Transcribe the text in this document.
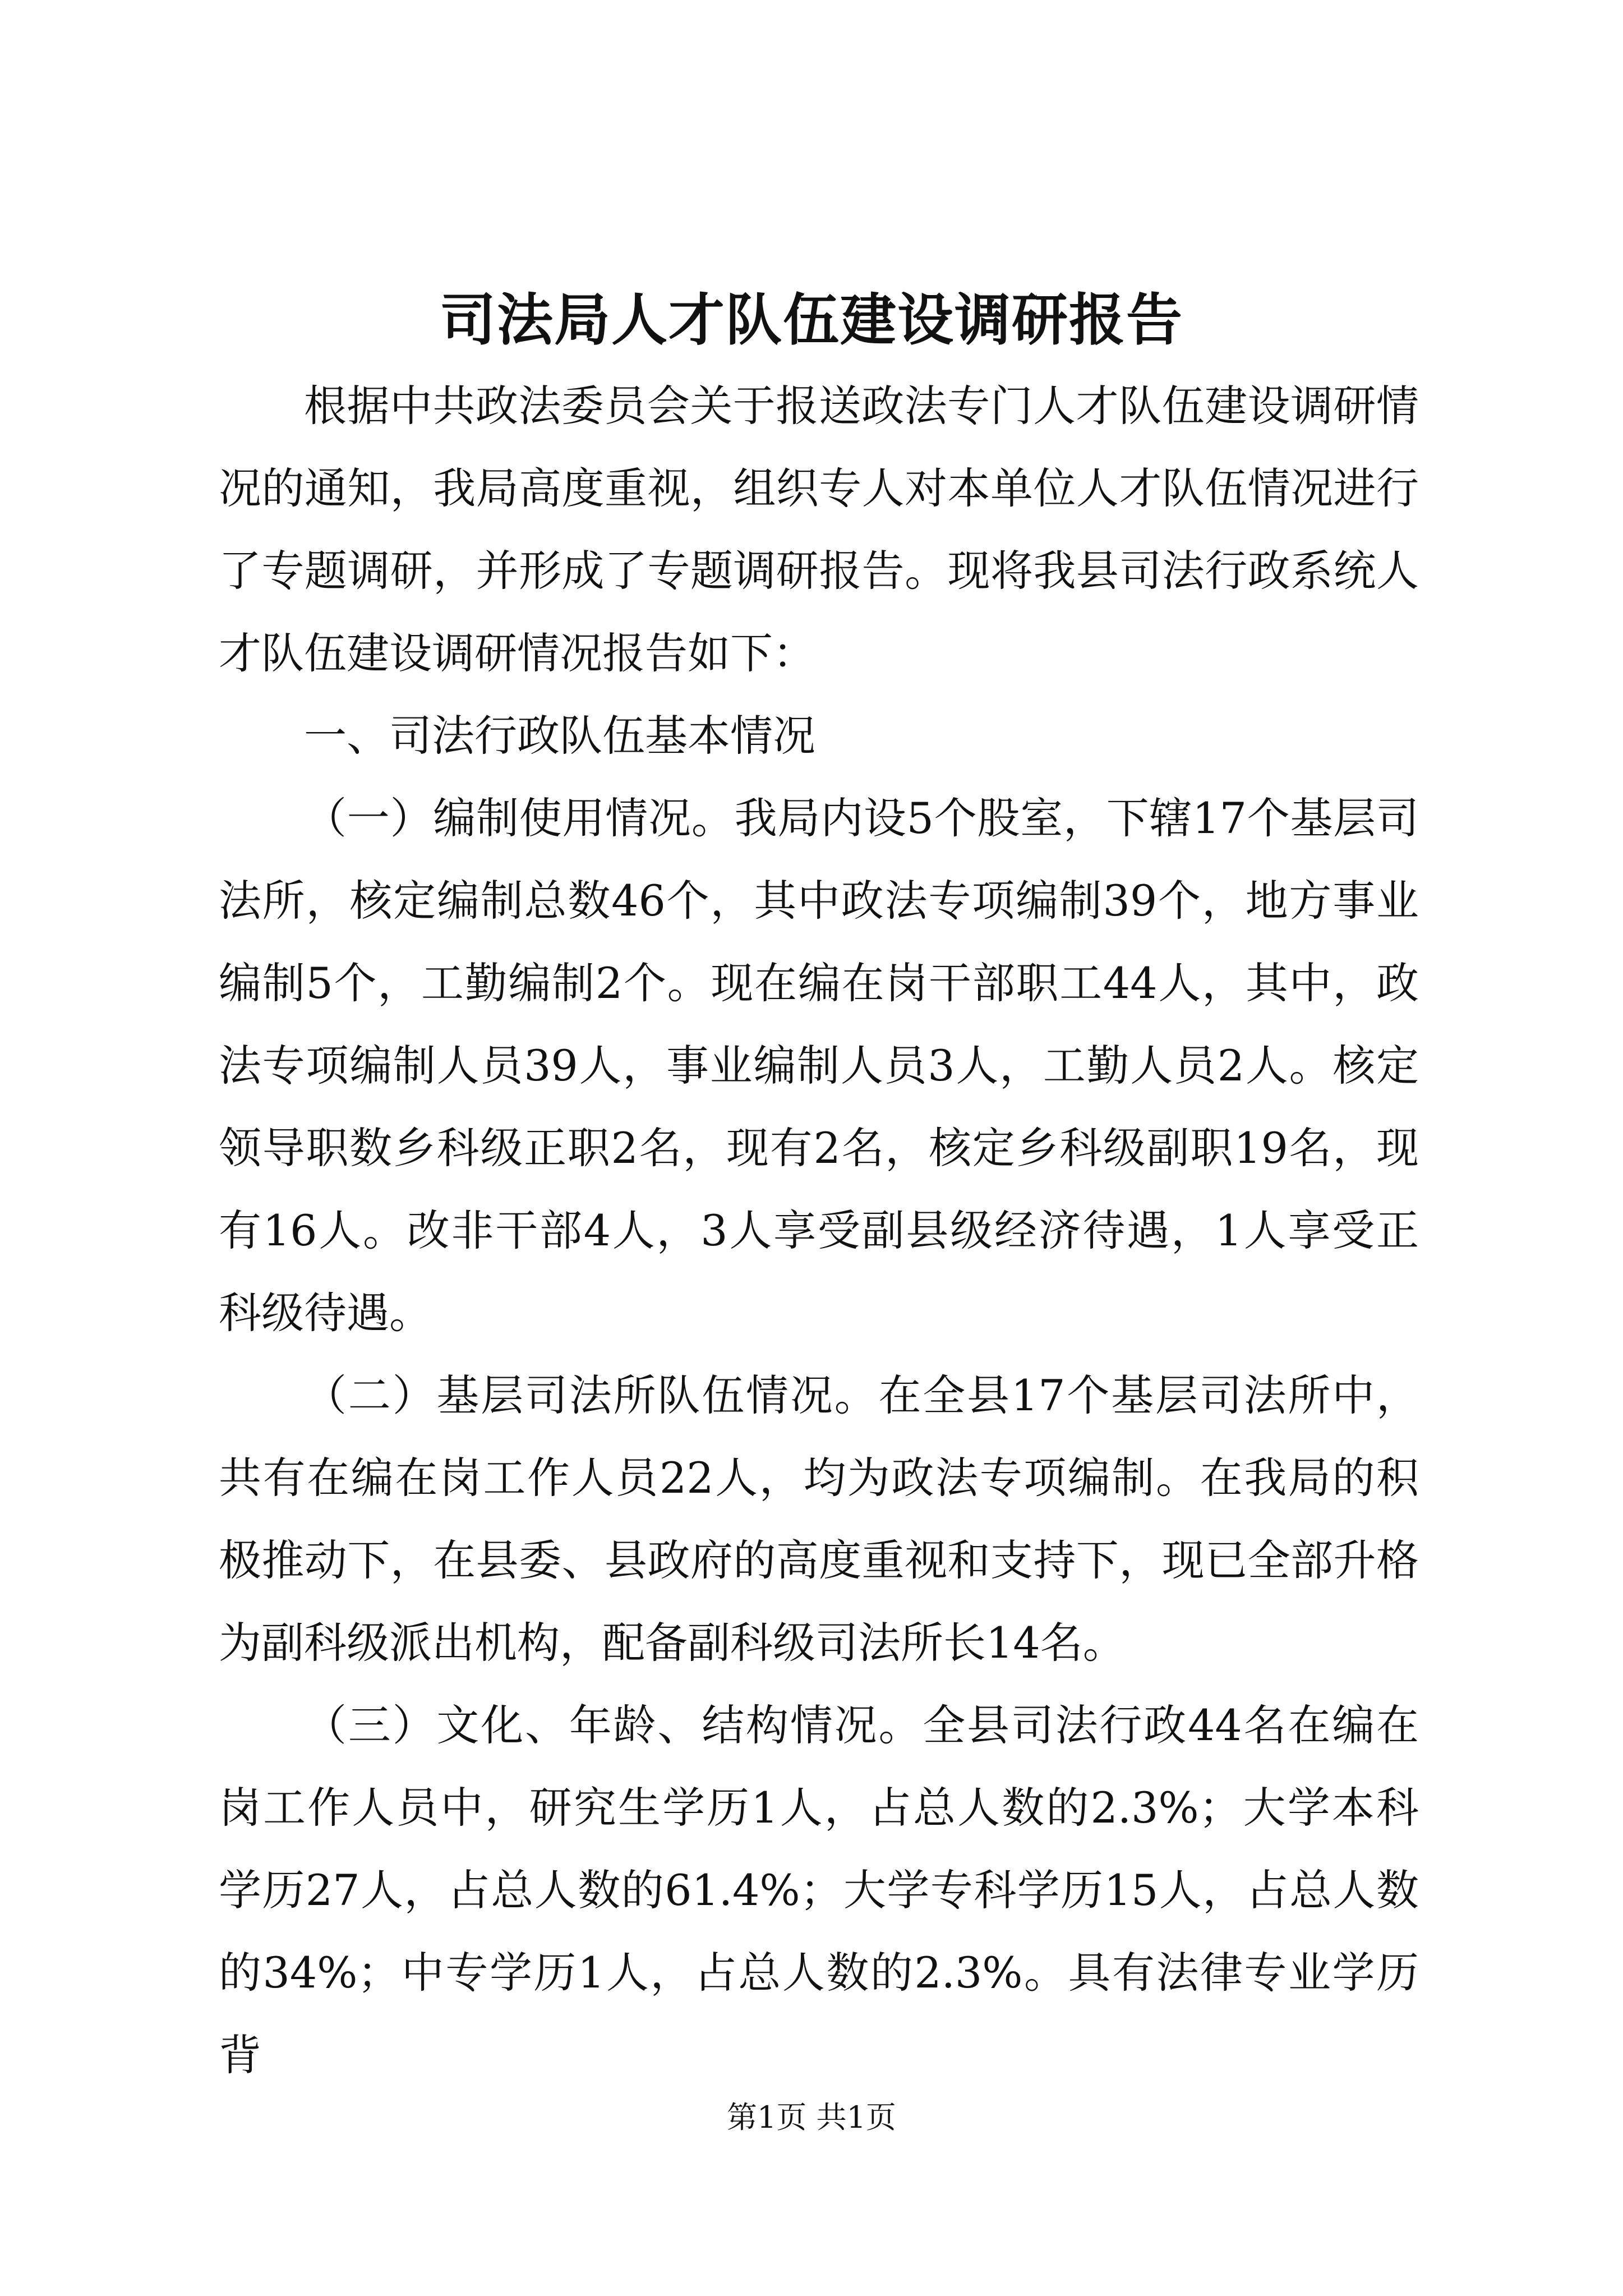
司法局人才队伍建设调研报告

根据中共政法委员会关于报送政法专门人才队伍建设调研情况的通知，我局高度重视，组织专人对本单位人才队伍情况进行了专题调研，并形成了专题调研报告。现将我县司法行政系统人才队伍建设调研情况报告如下：

一、司法行政队伍基本情况

（一）编制使用情况。我局内设5个股室，下辖17个基层司法所，核定编制总数46个，其中政法专项编制39个，地方事业编制5个，工勤编制2个。现在编在岗干部职工44人，其中，政法专项编制人员39人，事业编制人员3人，工勤人员2人。核定领导职数乡科级正职2名，现有2名，核定乡科级副职19名，现有16人。改非干部4人，3人享受副县级经济待遇，1人享受正科级待遇。

（二）基层司法所队伍情况。在全县17个基层司法所中，共有在编在岗工作人员22人，均为政法专项编制。在我局的积极推动下，在县委、县政府的高度重视和支持下，现已全部升格为副科级派出机构，配备副科级司法所长14名。

（三）文化、年龄、结构情况。全县司法行政44名在编在岗工作人员中，研究生学历1人，占总人数的2.3%；大学本科学历27人，占总人数的61.4%；大学专科学历15人，占总人数的34%；中专学历1人，占总人数的2.3%。具有法律专业学历背

第1页 共1页
